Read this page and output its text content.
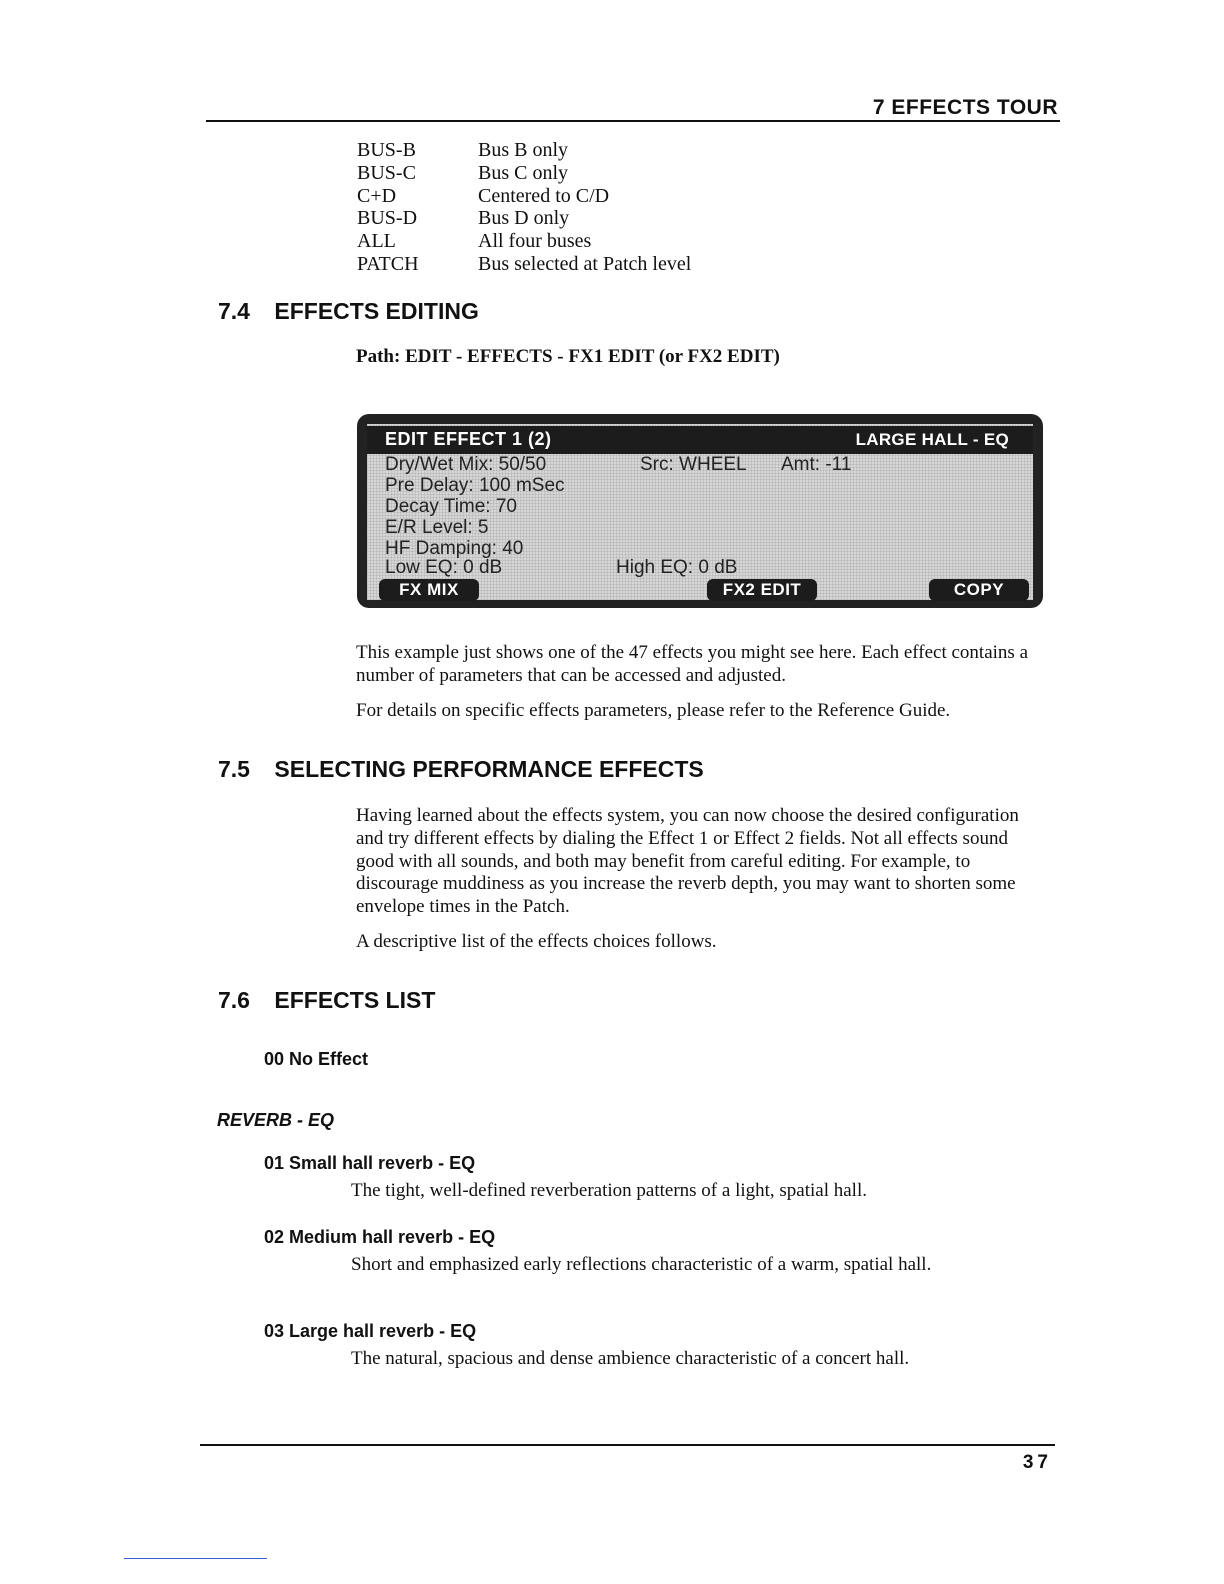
7 EFFECTS TOUR
BUS-B	Bus B only
BUS-C	Bus C only
C+D	Centered to C/D
BUS-D	Bus D only
ALL	All four buses
PATCH	Bus selected at Patch level
7.4 EFFECTS EDITING
Path: EDIT - EFFECTS - FX1 EDIT (or FX2 EDIT)
EDIT EFFECT 1 (2)	LARGE HALL - EQ
Dry/Wet Mix: 50/50	Src: WHEEL Amt: -11
Pre Delay: 100 mSec
Decay Time: 70
E/R Level: 5
HF Damping: 40
Low EQ: 0 dB	High EQ: 0 dB
FX MIX	FX2 EDIT	COPY

This example just shows one of the 47 effects you might see here. Each effect contains a number of parameters that can be accessed and adjusted.

For details on specific effects parameters, please refer to the Reference Guide.

7.5 SELECTING PERFORMANCE EFFECTS

Having learned about the effects system, you can now choose the desired configuration and try different effects by dialing the Effect 1 or Effect 2 fields. Not all effects sound good with all sounds, and both may benefit from careful editing. For example, to discourage muddiness as you increase the reverb depth, you may want to shorten some envelope times in the Patch.

A descriptive list of the effects choices follows.

7.6 EFFECTS LIST
00 No Effect
REVERB - EQ
01 Small hall reverb - EQ
The tight, well-defined reverberation patterns of a light, spatial hall.
02 Medium hall reverb - EQ
Short and emphasized early reflections characteristic of a warm, spatial hall.
03 Large hall reverb - EQ
The natural, spacious and dense ambience characteristic of a concert hall.
37
